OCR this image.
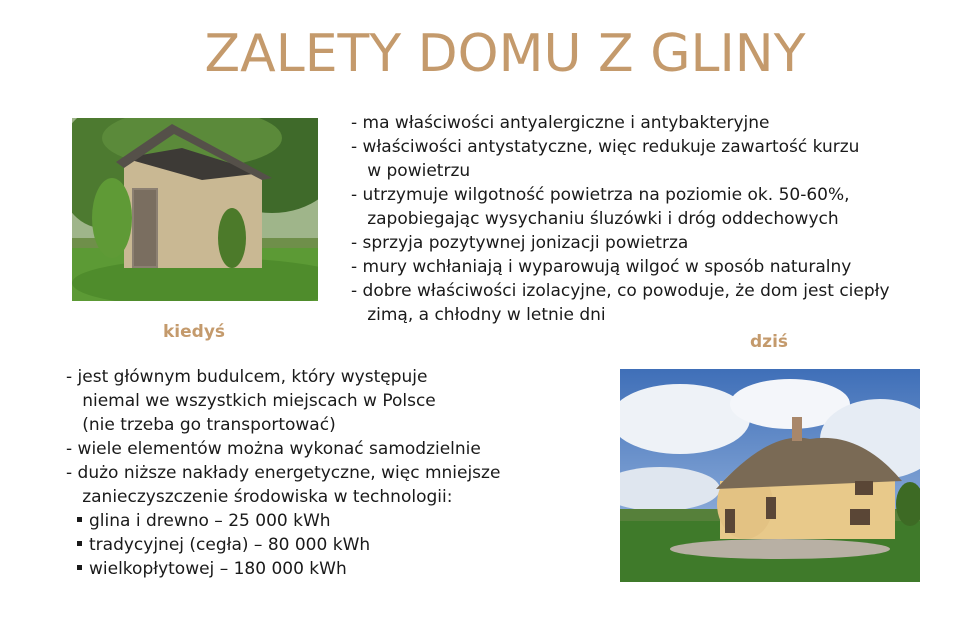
ZALETY DOMU Z GLINY
kiedyś	dziś
- ma właściwości antyalergiczne i antybakteryjne
- właściwości antystatyczne, więc redukuje zawartość kurzu
w powietrzu
- utrzymuje wilgotność powietrza na poziomie ok. 50-60%,
zapobiegając wysychaniu śluzówki i dróg oddechowych
- sprzyja pozytywnej jonizacji powietrza
- mury wchłaniają i wyparowują wilgoć w sposób naturalny
- dobre właściwości izolacyjne, co powoduje, że dom jest ciepły
zimą, a chłodny w letnie dni
- jest głównym budulcem, który występuje
niemal we wszystkich miejscach w Polsce
(nie trzeba go transportować)
- wiele elementów można wykonać samodzielnie
- dużo niższe nakłady energetyczne, więc mniejsze
zanieczyszczenie środowiska w technologii:
glina i drewno – 25 000 kWh
tradycyjnej (cegła) – 80 000 kWh
wielkopłytowej – 180 000 kWh
